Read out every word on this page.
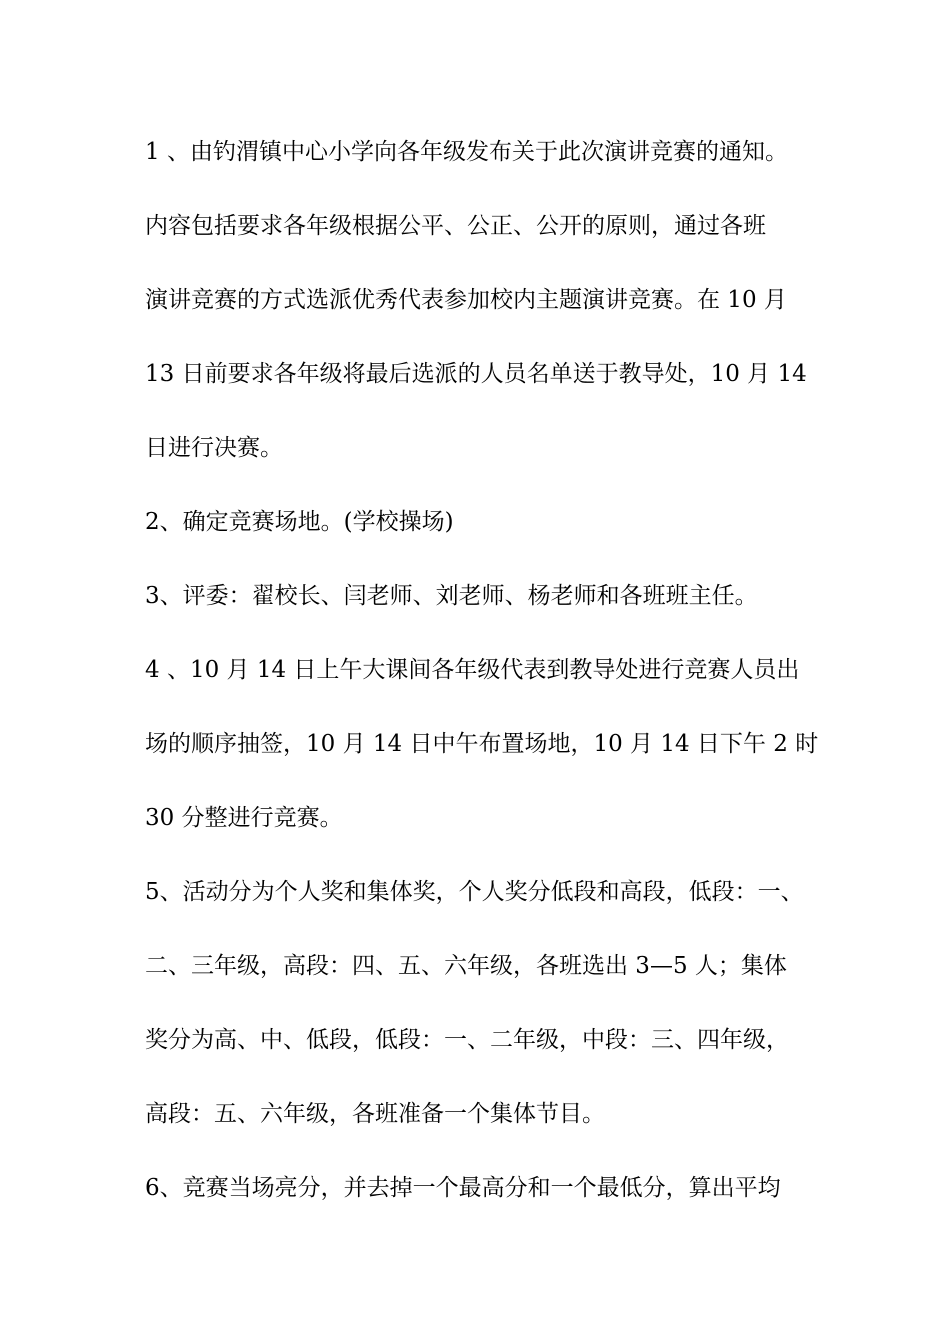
1 、由钓渭镇中心小学向各年级发布关于此次演讲竞赛的通知。
内容包括要求各年级根据公平、公正、公开的原则，通过各班
演讲竞赛的方式选派优秀代表参加校内主题演讲竞赛。在 10 月
13 日前要求各年级将最后选派的人员名单送于教导处，10 月 14
日进行决赛。
2、确定竞赛场地。(学校操场)
3、评委：翟校长、闫老师、刘老师、杨老师和各班班主任。
4 、10 月 14 日上午大课间各年级代表到教导处进行竞赛人员出
场的顺序抽签，10 月 14 日中午布置场地，10 月 14 日下午 2 时
30 分整进行竞赛。
5、活动分为个人奖和集体奖，个人奖分低段和高段，低段：一、
二、三年级，高段：四、五、六年级，各班选出 3—5 人；集体
奖分为高、中、低段，低段：一、二年级，中段：三、四年级，
高段：五、六年级，各班准备一个集体节目。
6、竞赛当场亮分，并去掉一个最高分和一个最低分，算出平均
